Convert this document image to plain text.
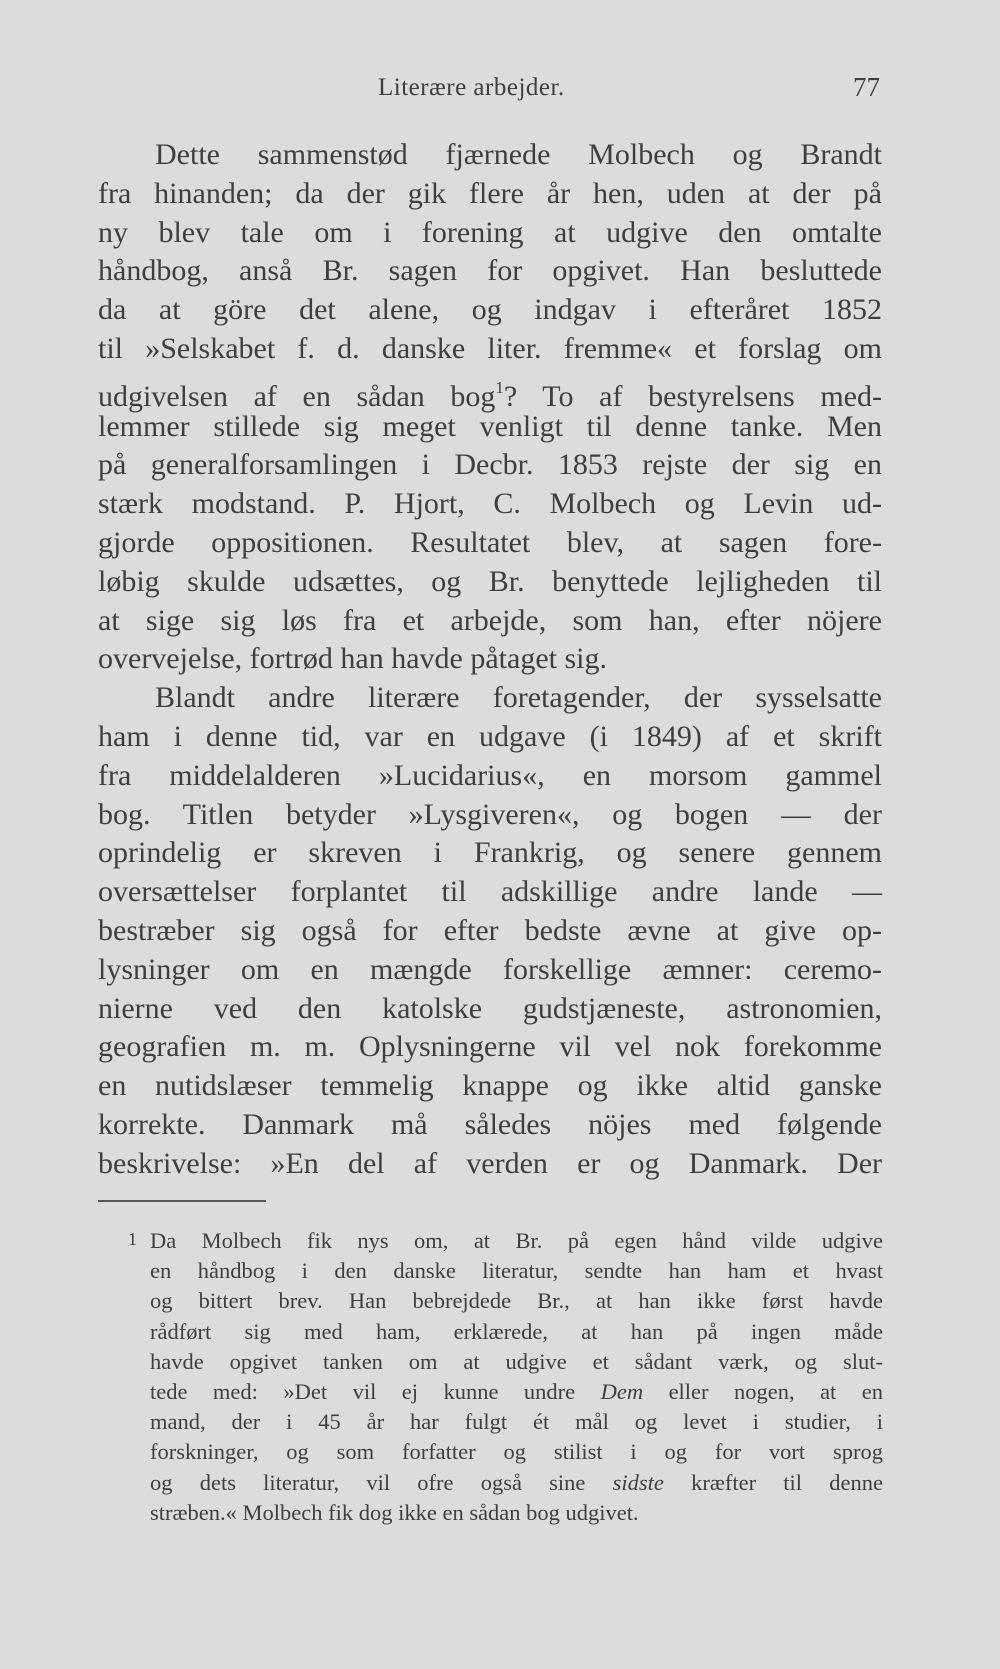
Literære arbejder.	77
Dette sammenstød fjærnede Molbech og Brandt
fra hinanden; da der gik flere år hen, uden at der på
ny blev tale om i forening at udgive den omtalte
håndbog, anså Br. sagen for opgivet. Han besluttede
da at göre det alene, og indgav i efteråret 1852
til »Selskabet f. d. danske liter. fremme« et forslag om
udgivelsen af en sådan bog$^1$? To af bestyrelsens med-
lemmer stillede sig meget venligt til denne tanke. Men
på generalforsamlingen i Decbr. 1853 rejste der sig en
stærk modstand. P. Hjort, C. Molbech og Levin ud-
gjorde oppositionen. Resultatet blev, at sagen fore-
løbig skulde udsættes, og Br. benyttede lejligheden til
at sige sig løs fra et arbejde, som han, efter nöjere
overvejelse, fortrød han havde påtaget sig.
Blandt andre literære foretagender, der sysselsatte
ham i denne tid, var en udgave (i 1849) af et skrift
fra middelalderen »Lucidarius«, en morsom gammel
bog. Titlen betyder »Lysgiveren«, og bogen — der
oprindelig er skreven i Frankrig, og senere gennem
oversættelser forplantet til adskillige andre lande —
bestræber sig også for efter bedste ævne at give op-
lysninger om en mængde forskellige æmner: ceremo-
nierne ved den katolske gudstjæneste, astronomien,
geografien m. m. Oplysningerne vil vel nok forekomme
en nutidslæser temmelig knappe og ikke altid ganske
korrekte. Danmark må således nöjes med følgende
beskrivelse: »En del af verden er og Danmark. Der
1 Da Molbech fik nys om, at Br. på egen hånd vilde udgive
en håndbog i den danske literatur, sendte han ham et hvast
og bittert brev. Han bebrejdede Br., at han ikke først havde
rådført sig med ham, erklærede, at han på ingen måde
havde opgivet tanken om at udgive et sådant værk, og slut-
tede med: »Det vil ej kunne undre Dem eller nogen, at en
mand, der i 45 år har fulgt ét mål og levet i studier, i
forskninger, og som forfatter og stilist i og for vort sprog
og dets literatur, vil ofre også sine sidste kræfter til denne
stræben.« Molbech fik dog ikke en sådan bog udgivet.
